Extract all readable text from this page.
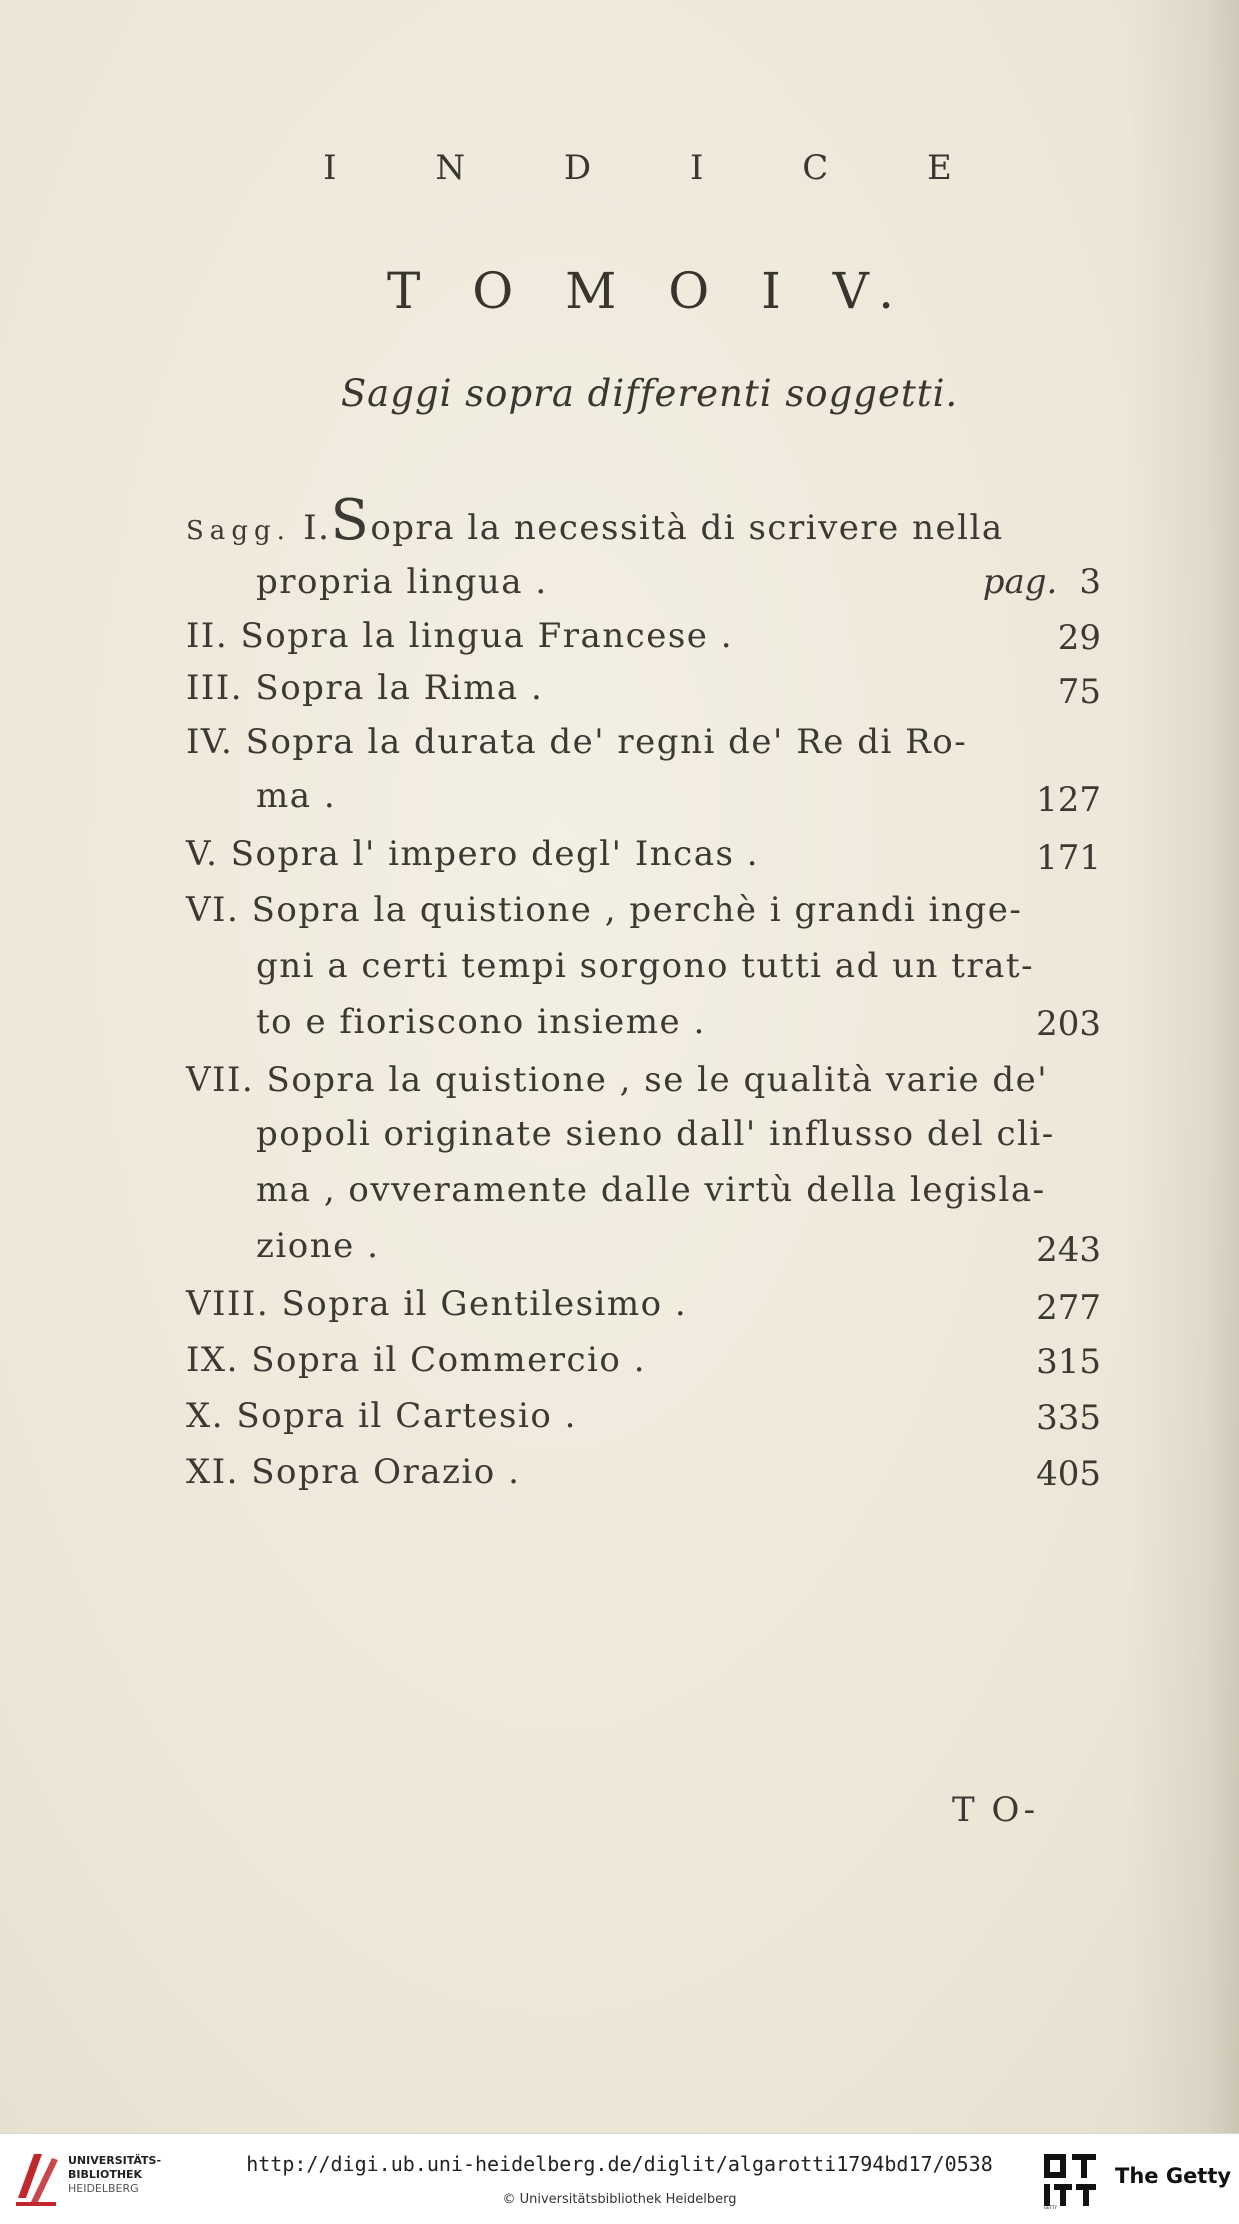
I N D I C E
T O M O I V.
Saggi sopra differenti soggetti.
Sagg. I.Sopra la necessità di scrivere nella
propria lingua .	pag. 3
II. Sopra la lingua Francese .	29
III. Sopra la Rima .	75
IV. Sopra la durata de' regni de' Re di Ro-
ma .	127
V. Sopra l' impero degl' Incas .	171
VI. Sopra la quistione , perchè i grandi inge-
gni a certi tempi sorgono tutti ad un trat-
to e fioriscono insieme .	203
VII. Sopra la quistione , se le qualità varie de'
popoli originate sieno dall' influsso del cli-
ma , ovveramente dalle virtù della legisla-
zione .	243
VIII. Sopra il Gentilesimo .	277
IX. Sopra il Commercio .	315
X. Sopra il Cartesio .	335
XI. Sopra Orazio .	405
T O-
UNIVERSITÄTS-
BIBLIOTHEK
HEIDELBERG
http://digi.ub.uni-heidelberg.de/diglit/algarotti1794bd17/0538
© Universitätsbibliothek Heidelberg
GETTY
The Getty
